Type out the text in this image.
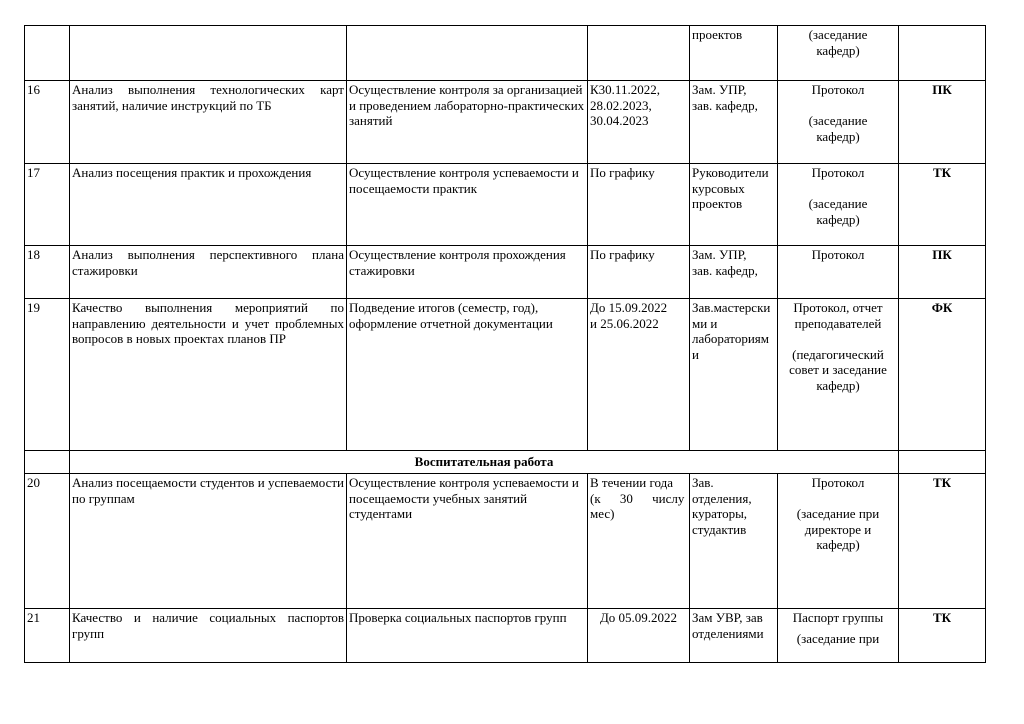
				проектов	(заседание
кафедр)	
16	Анализ выполнения технологических карт занятий, наличие инструкций по ТБ	Осуществление контроля за организацией и проведением лабораторно-практических занятий	К30.11.2022,
28.02.2023,
30.04.2023	Зам. УПР,
зав. кафедр,	Протокол
(заседание
кафедр)	ПК
17	Анализ посещения практик и прохождения	Осуществление контроля успеваемости и посещаемости практик	По графику	Руководители
курсовых
проектов	Протокол
(заседание
кафедр)	ТК
18	Анализ выполнения перспективного плана стажировки	Осуществление контроля прохождения стажировки	По графику	Зам. УПР,
зав. кафедр,	Протокол	ПК
19	Качество выполнения мероприятий по направлению деятельности и учет проблемных вопросов в новых проектах планов ПР	Подведение итогов (семестр, год), оформление отчетной документации	До 15.09.2022
и 25.06.2022	Зав.мастерски
ми и
лабораториям
и	Протокол, отчет
преподавателей
(педагогический
совет и заседание
кафедр)	ФК
	Воспитательная работа					
20	Анализ посещаемости студентов и успеваемости по группам	Осуществление контроля успеваемости и посещаемости учебных занятий студентами	В течении года
(к 30 числу
мес)	Зав.
отделения,
кураторы,
студактив	Протокол
(заседание при
директоре и
кафедр)	ТК
21	Качество и наличие социальных паспортов групп	Проверка социальных паспортов групп	До 05.09.2022	Зам УВР, зав
отделениями	Паспорт группы
(заседание при	ТК
